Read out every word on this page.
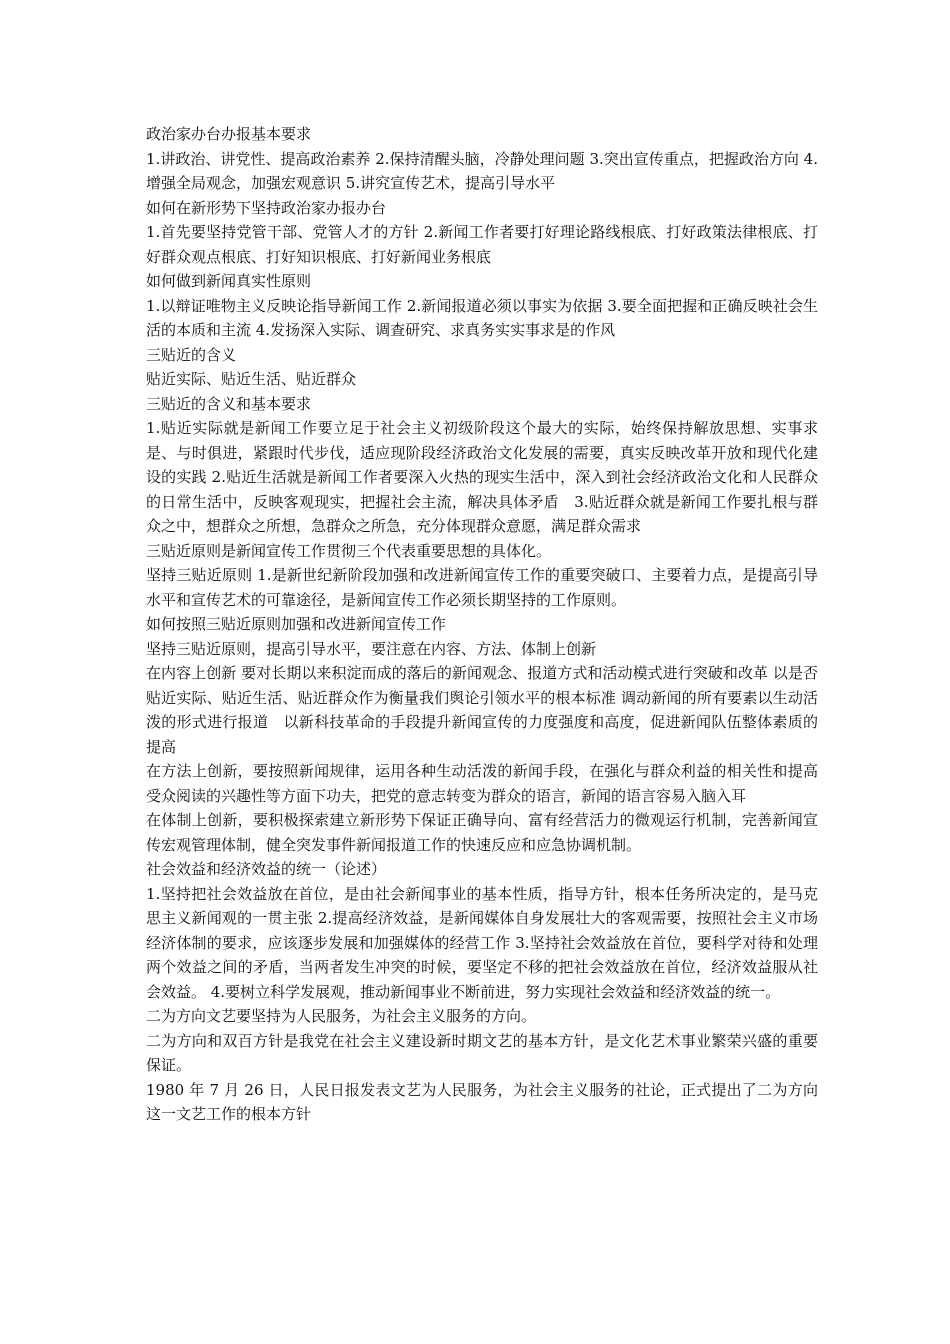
政治家办台办报基本要求

1.讲政治、讲党性、提高政治素养 2.保持清醒头脑，冷静处理问题 3.突出宣传重点，把握政治方向 4.增强全局观念，加强宏观意识 5.讲究宣传艺术，提高引导水平

如何在新形势下坚持政治家办报办台

1.首先要坚持党管干部、党管人才的方针 2.新闻工作者要打好理论路线根底、打好政策法律根底、打好群众观点根底、打好知识根底、打好新闻业务根底

如何做到新闻真实性原则

1.以辩证唯物主义反映论指导新闻工作 2.新闻报道必须以事实为依据 3.要全面把握和正确反映社会生活的本质和主流 4.发扬深入实际、调查研究、求真务实实事求是的作风

三贴近的含义

贴近实际、贴近生活、贴近群众

三贴近的含义和基本要求

1.贴近实际就是新闻工作要立足于社会主义初级阶段这个最大的实际，始终保持解放思想、实事求是、与时俱进，紧跟时代步伐，适应现阶段经济政治文化发展的需要，真实反映改革开放和现代化建设的实践 2.贴近生活就是新闻工作者要深入火热的现实生活中，深入到社会经济政治文化和人民群众的日常生活中，反映客观现实，把握社会主流，解决具体矛盾　3.贴近群众就是新闻工作要扎根与群众之中，想群众之所想，急群众之所急，充分体现群众意愿，满足群众需求

三贴近原则是新闻宣传工作贯彻三个代表重要思想的具体化。

坚持三贴近原则 1.是新世纪新阶段加强和改进新闻宣传工作的重要突破口、主要着力点，是提高引导水平和宣传艺术的可靠途径，是新闻宣传工作必须长期坚持的工作原则。

如何按照三贴近原则加强和改进新闻宣传工作

坚持三贴近原则，提高引导水平，要注意在内容、方法、体制上创新

在内容上创新 要对长期以来积淀而成的落后的新闻观念、报道方式和活动模式进行突破和改革 以是否贴近实际、贴近生活、贴近群众作为衡量我们舆论引领水平的根本标准 调动新闻的所有要素以生动活泼的形式进行报道　以新科技革命的手段提升新闻宣传的力度强度和高度，促进新闻队伍整体素质的提高

在方法上创新，要按照新闻规律，运用各种生动活泼的新闻手段，在强化与群众利益的相关性和提高受众阅读的兴趣性等方面下功夫，把党的意志转变为群众的语言，新闻的语言容易入脑入耳

在体制上创新，要积极探索建立新形势下保证正确导向、富有经营活力的微观运行机制，完善新闻宣传宏观管理体制，健全突发事件新闻报道工作的快速反应和应急协调机制。

社会效益和经济效益的统一（论述）

1.坚持把社会效益放在首位，是由社会新闻事业的基本性质，指导方针，根本任务所决定的，是马克思主义新闻观的一贯主张 2.提高经济效益，是新闻媒体自身发展壮大的客观需要，按照社会主义市场经济体制的要求，应该逐步发展和加强媒体的经营工作 3.坚持社会效益放在首位，要科学对待和处理两个效益之间的矛盾，当两者发生冲突的时候，要坚定不移的把社会效益放在首位，经济效益服从社会效益。 4.要树立科学发展观，推动新闻事业不断前进，努力实现社会效益和经济效益的统一。

二为方向文艺要坚持为人民服务，为社会主义服务的方向。

二为方向和双百方针是我党在社会主义建设新时期文艺的基本方针，是文化艺术事业繁荣兴盛的重要保证。

1980 年 7 月 26 日，人民日报发表文艺为人民服务，为社会主义服务的社论，正式提出了二为方向这一文艺工作的根本方针
